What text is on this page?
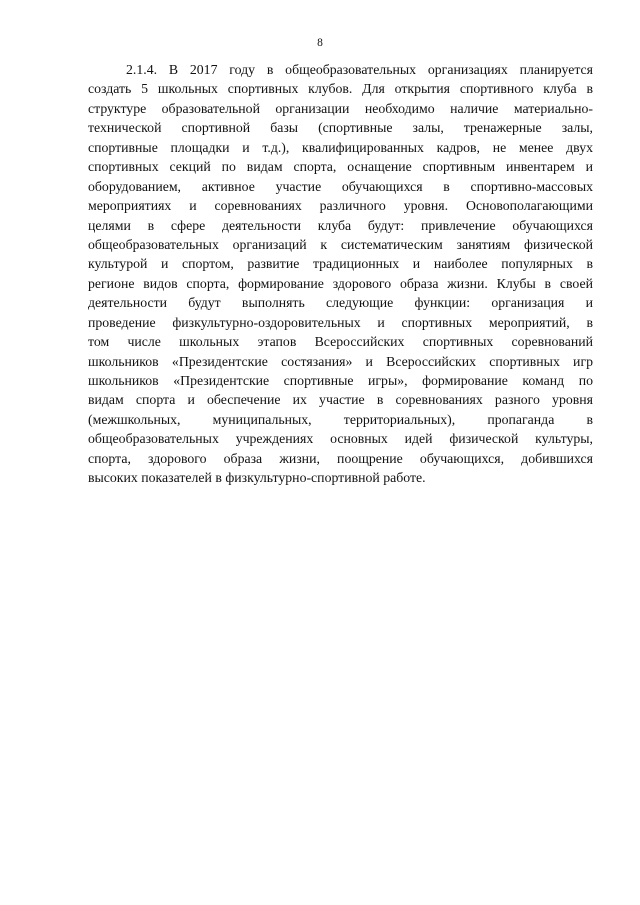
8
2.1.4. В 2017 году в общеобразовательных организациях планируется
создать 5 школьных спортивных клубов. Для открытия спортивного клуба в
структуре образовательной организации необходимо наличие материально-
технической спортивной базы (спортивные залы, тренажерные залы,
спортивные площадки и т.д.), квалифицированных кадров, не менее двух
спортивных секций по видам спорта, оснащение спортивным инвентарем и
оборудованием, активное участие обучающихся в спортивно-массовых
мероприятиях и соревнованиях различного уровня. Основополагающими
целями в сфере деятельности клуба будут: привлечение обучающихся
общеобразовательных организаций к систематическим занятиям физической
культурой и спортом, развитие традиционных и наиболее популярных в
регионе видов спорта, формирование здорового образа жизни. Клубы в своей
деятельности будут выполнять следующие функции: организация и
проведение физкультурно-оздоровительных и спортивных мероприятий, в
том числе школьных этапов Всероссийских спортивных соревнований
школьников «Президентские состязания» и Всероссийских спортивных игр
школьников «Президентские спортивные игры», формирование команд по
видам спорта и обеспечение их участие в соревнованиях разного уровня
(межшкольных, муниципальных, территориальных), пропаганда в
общеобразовательных учреждениях основных идей физической культуры,
спорта, здорового образа жизни, поощрение обучающихся, добившихся
высоких показателей в физкультурно-спортивной работе.
